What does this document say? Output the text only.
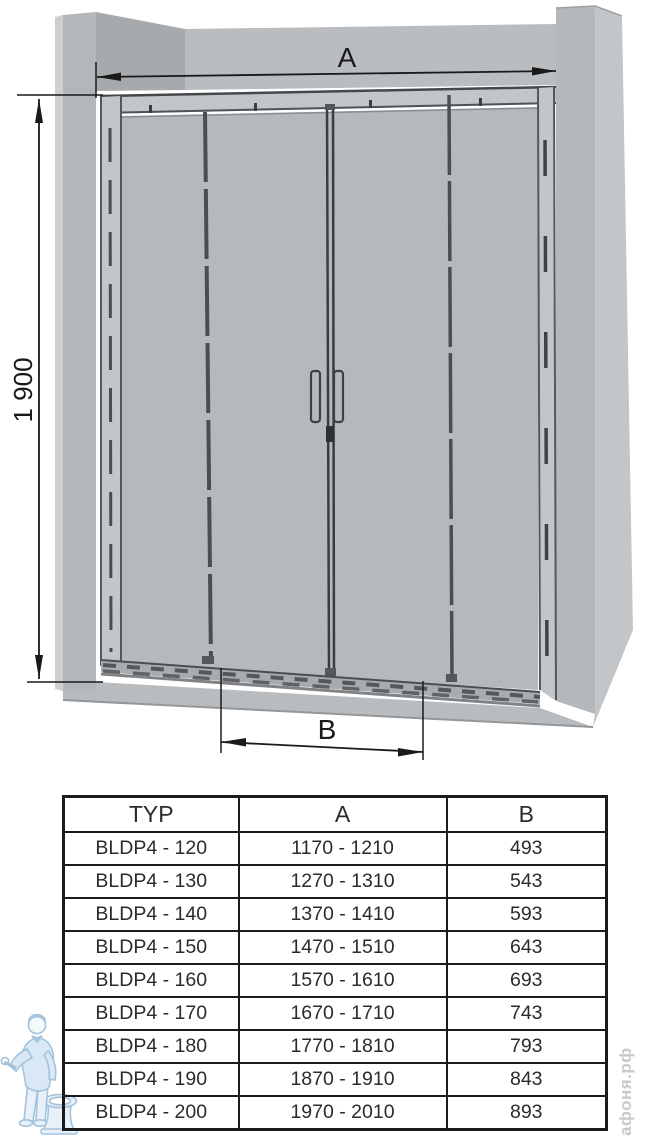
A
1 900
B
афоня.рф
TYP	A	B
BLDP4 - 120	1170 - 1210	493
BLDP4 - 130	1270 - 1310	543
BLDP4 - 140	1370 - 1410	593
BLDP4 - 150	1470 - 1510	643
BLDP4 - 160	1570 - 1610	693
BLDP4 - 170	1670 - 1710	743
BLDP4 - 180	1770 - 1810	793
BLDP4 - 190	1870 - 1910	843
BLDP4 - 200	1970 - 2010	893
